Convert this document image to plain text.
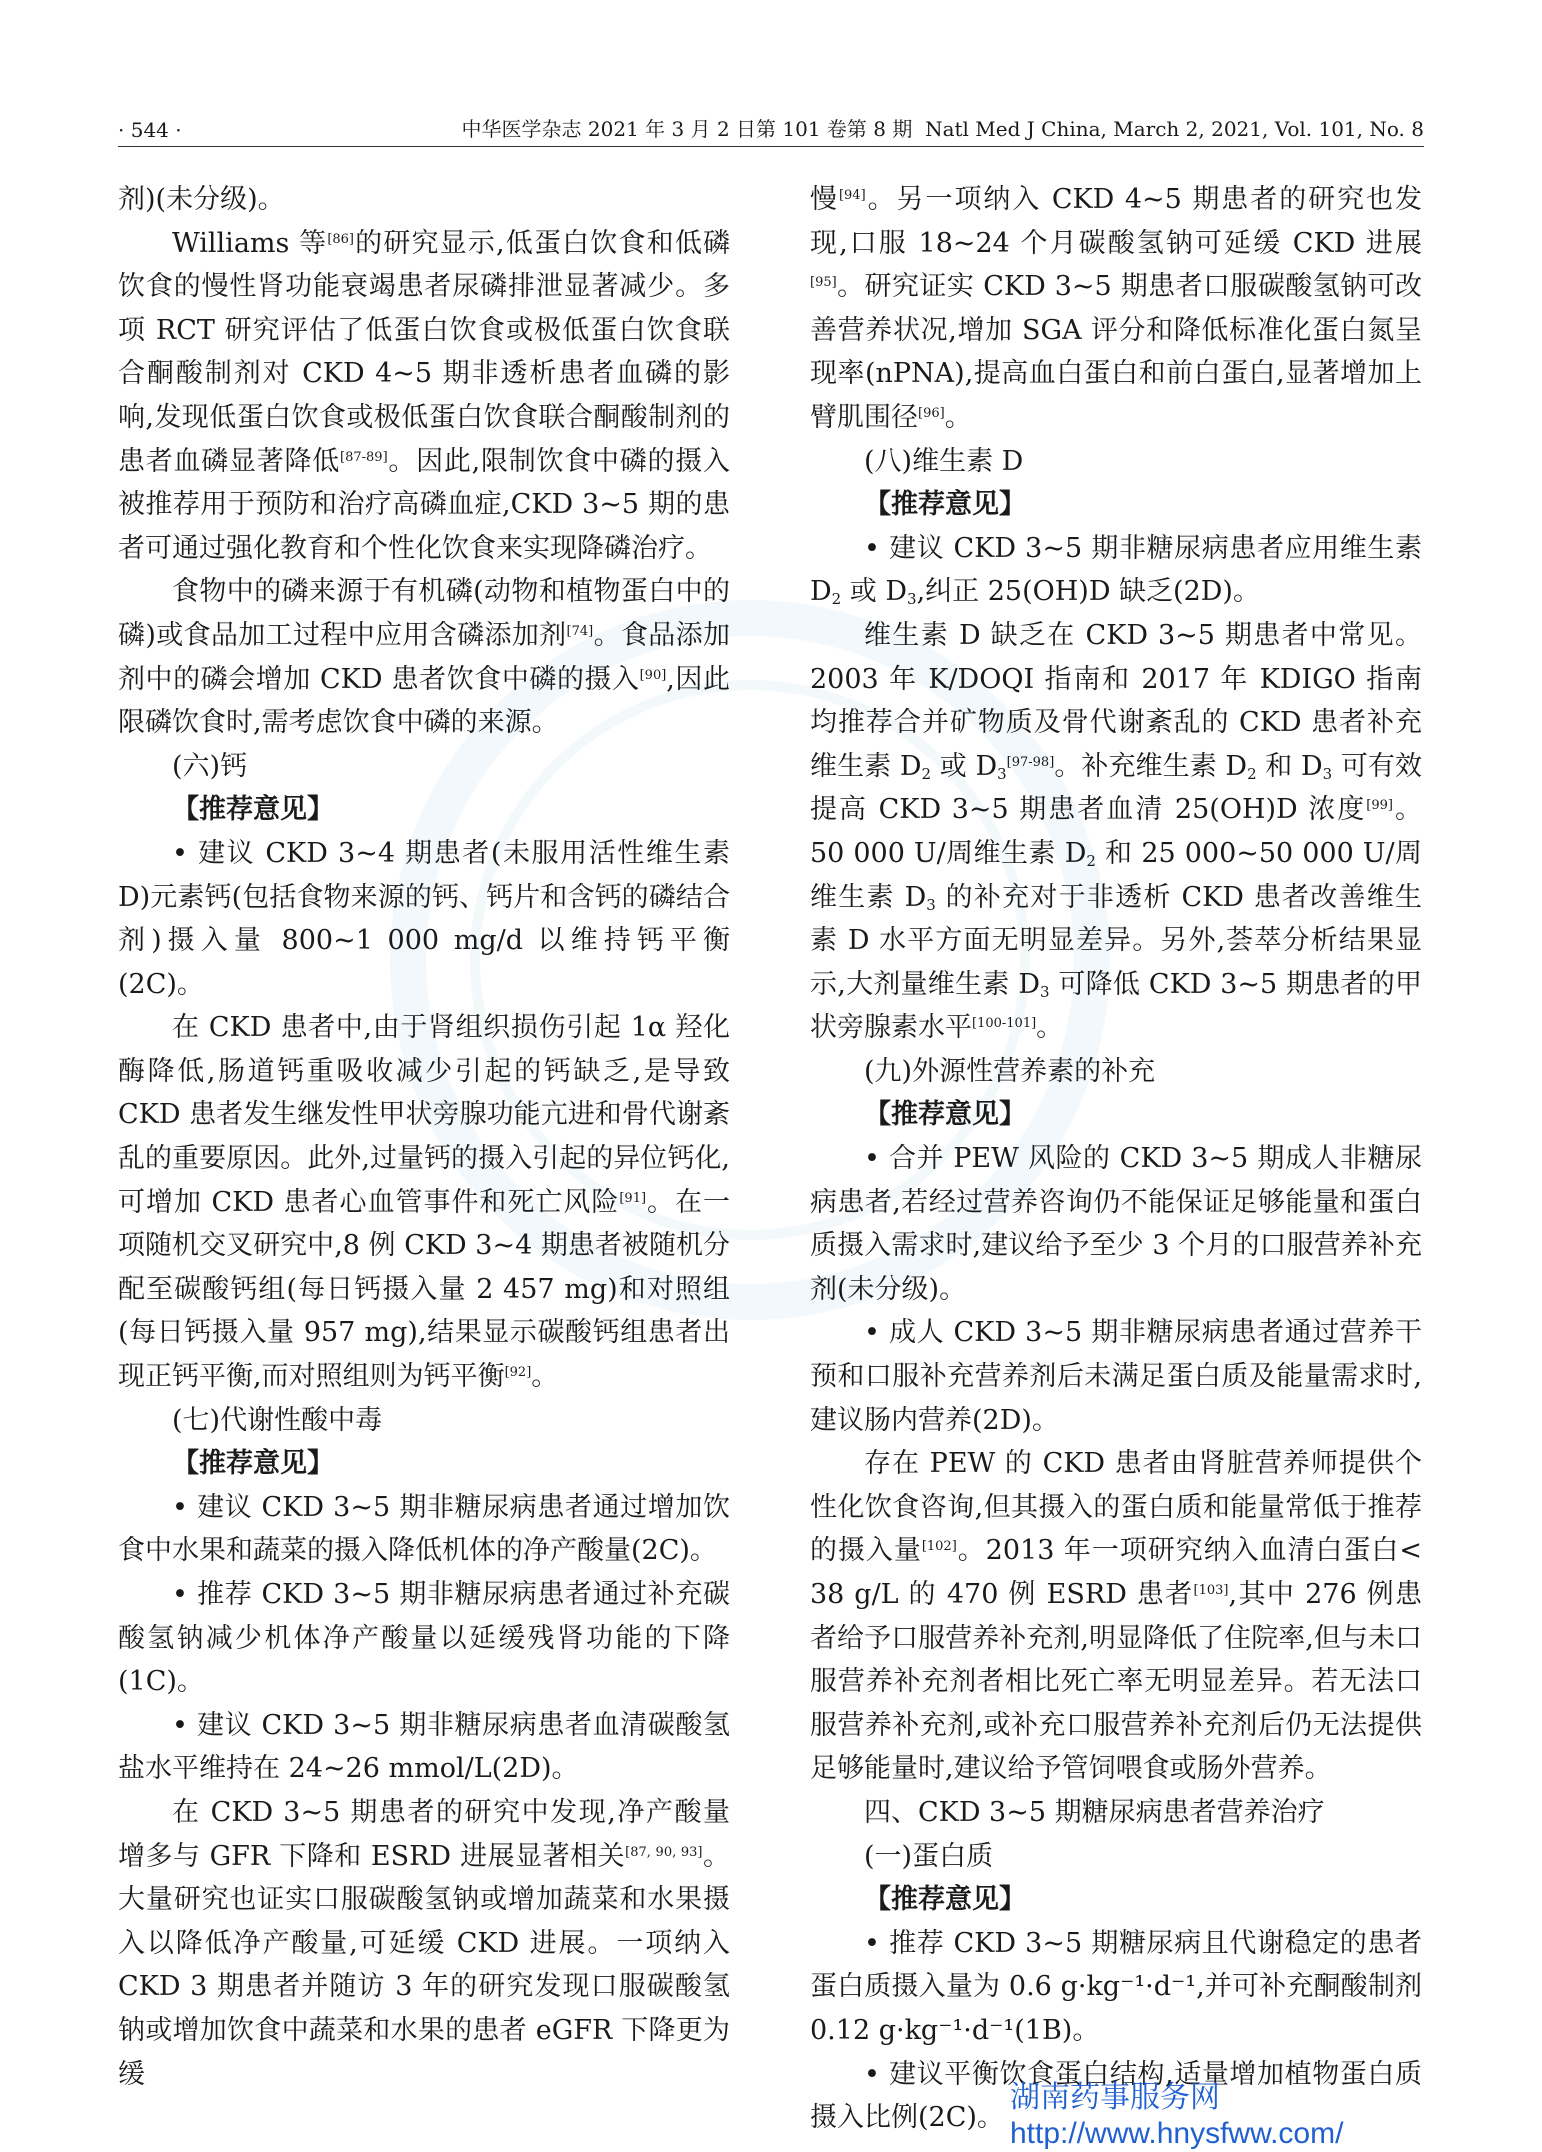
· 544 ·	中华医学杂志 2021 年 3 月 2 日第 101 卷第 8 期 Natl Med J China, March 2, 2021, Vol. 101, No. 8

剂)(未分级)。

Williams 等[86]的研究显示,低蛋白饮食和低磷饮食的慢性肾功能衰竭患者尿磷排泄显著减少。多项 RCT 研究评估了低蛋白饮食或极低蛋白饮食联合酮酸制剂对 CKD 4~5 期非透析患者血磷的影响,发现低蛋白饮食或极低蛋白饮食联合酮酸制剂的患者血磷显著降低[87-89]。因此,限制饮食中磷的摄入被推荐用于预防和治疗高磷血症,CKD 3~5 期的患者可通过强化教育和个性化饮食来实现降磷治疗。

食物中的磷来源于有机磷(动物和植物蛋白中的磷)或食品加工过程中应用含磷添加剂[74]。食品添加剂中的磷会增加 CKD 患者饮食中磷的摄入[90],因此限磷饮食时,需考虑饮食中磷的来源。

(六)钙

【推荐意见】

• 建议 CKD 3~4 期患者(未服用活性维生素 D)元素钙(包括食物来源的钙、钙片和含钙的磷结合剂)摄入量 800~1 000 mg/d 以维持钙平衡(2C)。

在 CKD 患者中,由于肾组织损伤引起 1α 羟化酶降低,肠道钙重吸收减少引起的钙缺乏,是导致 CKD 患者发生继发性甲状旁腺功能亢进和骨代谢紊乱的重要原因。此外,过量钙的摄入引起的异位钙化,可增加 CKD 患者心血管事件和死亡风险[91]。在一项随机交叉研究中,8 例 CKD 3~4 期患者被随机分配至碳酸钙组(每日钙摄入量 2 457 mg)和对照组(每日钙摄入量 957 mg),结果显示碳酸钙组患者出现正钙平衡,而对照组则为钙平衡[92]。

(七)代谢性酸中毒

【推荐意见】

• 建议 CKD 3~5 期非糖尿病患者通过增加饮食中水果和蔬菜的摄入降低机体的净产酸量(2C)。

• 推荐 CKD 3~5 期非糖尿病患者通过补充碳酸氢钠减少机体净产酸量以延缓残肾功能的下降(1C)。

• 建议 CKD 3~5 期非糖尿病患者血清碳酸氢盐水平维持在 24~26 mmol/L(2D)。

在 CKD 3~5 期患者的研究中发现,净产酸量增多与 GFR 下降和 ESRD 进展显著相关[87, 90, 93]。大量研究也证实口服碳酸氢钠或增加蔬菜和水果摄入以降低净产酸量,可延缓 CKD 进展。一项纳入 CKD 3 期患者并随访 3 年的研究发现口服碳酸氢钠或增加饮食中蔬菜和水果的患者 eGFR 下降更为缓

慢[94]。另一项纳入 CKD 4~5 期患者的研究也发现,口服 18~24 个月碳酸氢钠可延缓 CKD 进展[95]。研究证实 CKD 3~5 期患者口服碳酸氢钠可改善营养状况,增加 SGA 评分和降低标准化蛋白氮呈现率(nPNA),提高血白蛋白和前白蛋白,显著增加上臂肌围径[96]。

(八)维生素 D

【推荐意见】

• 建议 CKD 3~5 期非糖尿病患者应用维生素 $D_2$ 或 $D_3$,纠正 25(OH)D 缺乏(2D)。

维生素 D 缺乏在 CKD 3~5 期患者中常见。2003 年 K/DOQI 指南和 2017 年 KDIGO 指南均推荐合并矿物质及骨代谢紊乱的 CKD 患者补充维生素 $D_2$ 或 $D_3[97-98]$。补充维生素 $D_2$ 和 $D_3$ 可有效提高 CKD 3~5 期患者血清 25(OH)D 浓度[99]。50 000 U/周维生素 $D_2$ 和 25 000~50 000 U/周维生素 $D_3$ 的补充对于非透析 CKD 患者改善维生素 D 水平方面无明显差异。另外,荟萃分析结果显示,大剂量维生素 $D_3$ 可降低 CKD 3~5 期患者的甲状旁腺素水平[100-101]。

(九)外源性营养素的补充

【推荐意见】

• 合并 PEW 风险的 CKD 3~5 期成人非糖尿病患者,若经过营养咨询仍不能保证足够能量和蛋白质摄入需求时,建议给予至少 3 个月的口服营养补充剂(未分级)。

• 成人 CKD 3~5 期非糖尿病患者通过营养干预和口服补充营养剂后未满足蛋白质及能量需求时,建议肠内营养(2D)。

存在 PEW 的 CKD 患者由肾脏营养师提供个性化饮食咨询,但其摄入的蛋白质和能量常低于推荐的摄入量[102]。2013 年一项研究纳入血清白蛋白< 38 g/L 的 470 例 ESRD 患者[103],其中 276 例患者给予口服营养补充剂,明显降低了住院率,但与未口服营养补充剂者相比死亡率无明显差异。若无法口服营养补充剂,或补充口服营养补充剂后仍无法提供足够能量时,建议给予管饲喂食或肠外营养。

四、CKD 3~5 期糖尿病患者营养治疗

(一)蛋白质

【推荐意见】

• 推荐 CKD 3~5 期糖尿病且代谢稳定的患者蛋白质摄入量为 0.6 g·kg⁻¹·d⁻¹,并可补充酮酸制剂 0.12 g·kg⁻¹·d⁻¹(1B)。

• 建议平衡饮食蛋白结构,适量增加植物蛋白质摄入比例(2C)。

湖南药事服务网
http://www.hnysfww.com/
